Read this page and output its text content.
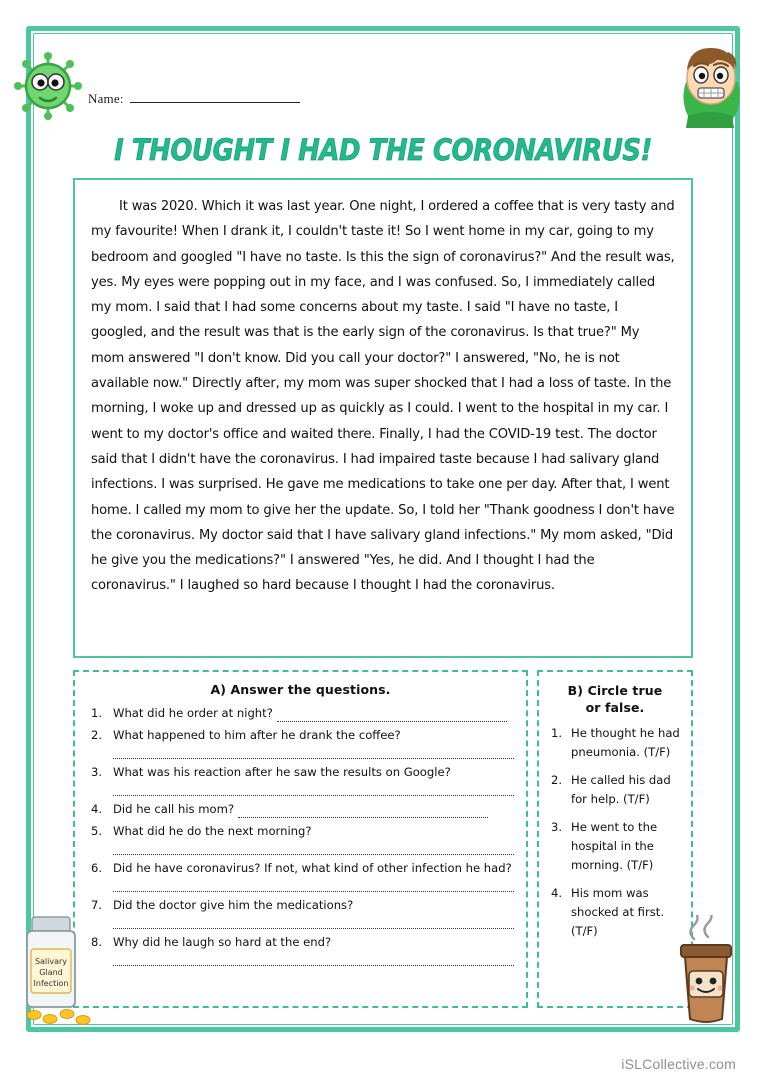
Name:
I THOUGHT I HAD THE CORONAVIRUS!
It was 2020. Which it was last year. One night, I ordered a coffee that is very tasty and my favourite! When I drank it, I couldn't taste it! So I went home in my car, going to my bedroom and googled "I have no taste. Is this the sign of coronavirus?" And the result was, yes. My eyes were popping out in my face, and I was confused. So, I immediately called my mom. I said that I had some concerns about my taste. I said "I have no taste, I googled, and the result was that is the early sign of the coronavirus. Is that true?" My mom answered "I don't know. Did you call your doctor?" I answered, "No, he is not available now." Directly after, my mom was super shocked that I had a loss of taste. In the morning, I woke up and dressed up as quickly as I could. I went to the hospital in my car. I went to my doctor's office and waited there. Finally, I had the COVID-19 test. The doctor said that I didn't have the coronavirus. I had impaired taste because I had salivary gland infections. I was surprised. He gave me medications to take one per day. After that, I went home. I called my mom to give her the update. So, I told her "Thank goodness I don't have the coronavirus. My doctor said that I have salivary gland infections." My mom asked, "Did he give you the medications?" I answered "Yes, he did. And I thought I had the coronavirus." I laughed so hard because I thought I had the coronavirus.
A) Answer the questions.
What did he order at night?
What happened to him after he drank the coffee?
What was his reaction after he saw the results on Google?
Did he call his mom?
What did he do the next morning?
Did he have coronavirus? If not, what kind of other infection he had?
Did the doctor give him the medications?
Why did he laugh so hard at the end?
B) Circle true
or false.
He thought he had pneumonia. (T/F)
He called his dad for help. (T/F)
He went to the hospital in the morning. (T/F)
His mom was shocked at first. (T/F)
iSLCollective.com
Salivary
Gland
Infection
